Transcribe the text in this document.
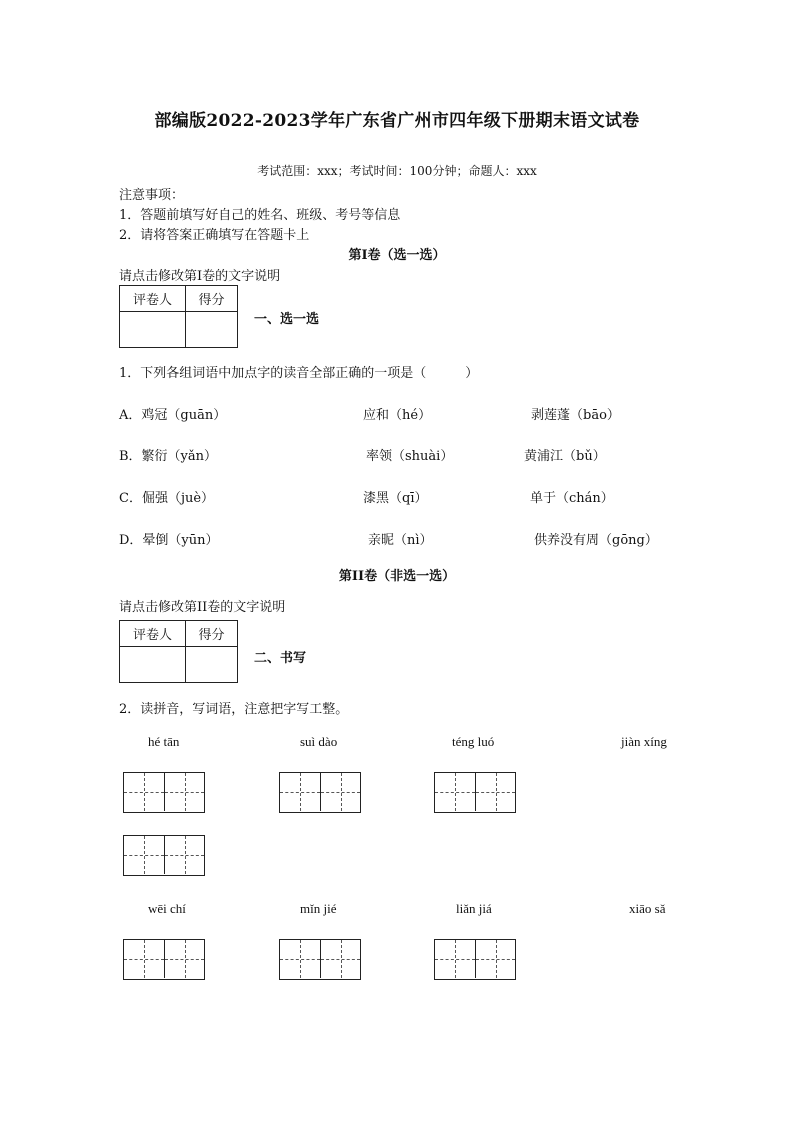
部编版2022-2023学年广东省广州市四年级下册期末语文试卷
考试范围：xxx；考试时间：100分钟；命题人：xxx
注意事项：
1．答题前填写好自己的姓名、班级、考号等信息
2．请将答案正确填写在答题卡上
第I卷（选一选）
请点击修改第I卷的文字说明
评卷人	得分

一、选一选
1．下列各组词语中加点字的读音全部正确的一项是（　　　）
A．鸡冠（guān）	应和（hé）	剥莲蓬（bāo）
B．繁衍（yǎn）	率领（shuài）	黄浦江（bǔ）
C．倔强（juè）	漆黑（qī）	单于（chán）
D．晕倒（yūn）	亲昵（nì）	供养没有周（gōng）
第II卷（非选一选）
请点击修改第II卷的文字说明
评卷人	得分

二、书写
2．读拼音，写词语，注意把字写工整。
hé tān	suì dào	téng luó	jiàn xíng
wēi chí	mǐn jié	liǎn jiá	xiāo sǎ
